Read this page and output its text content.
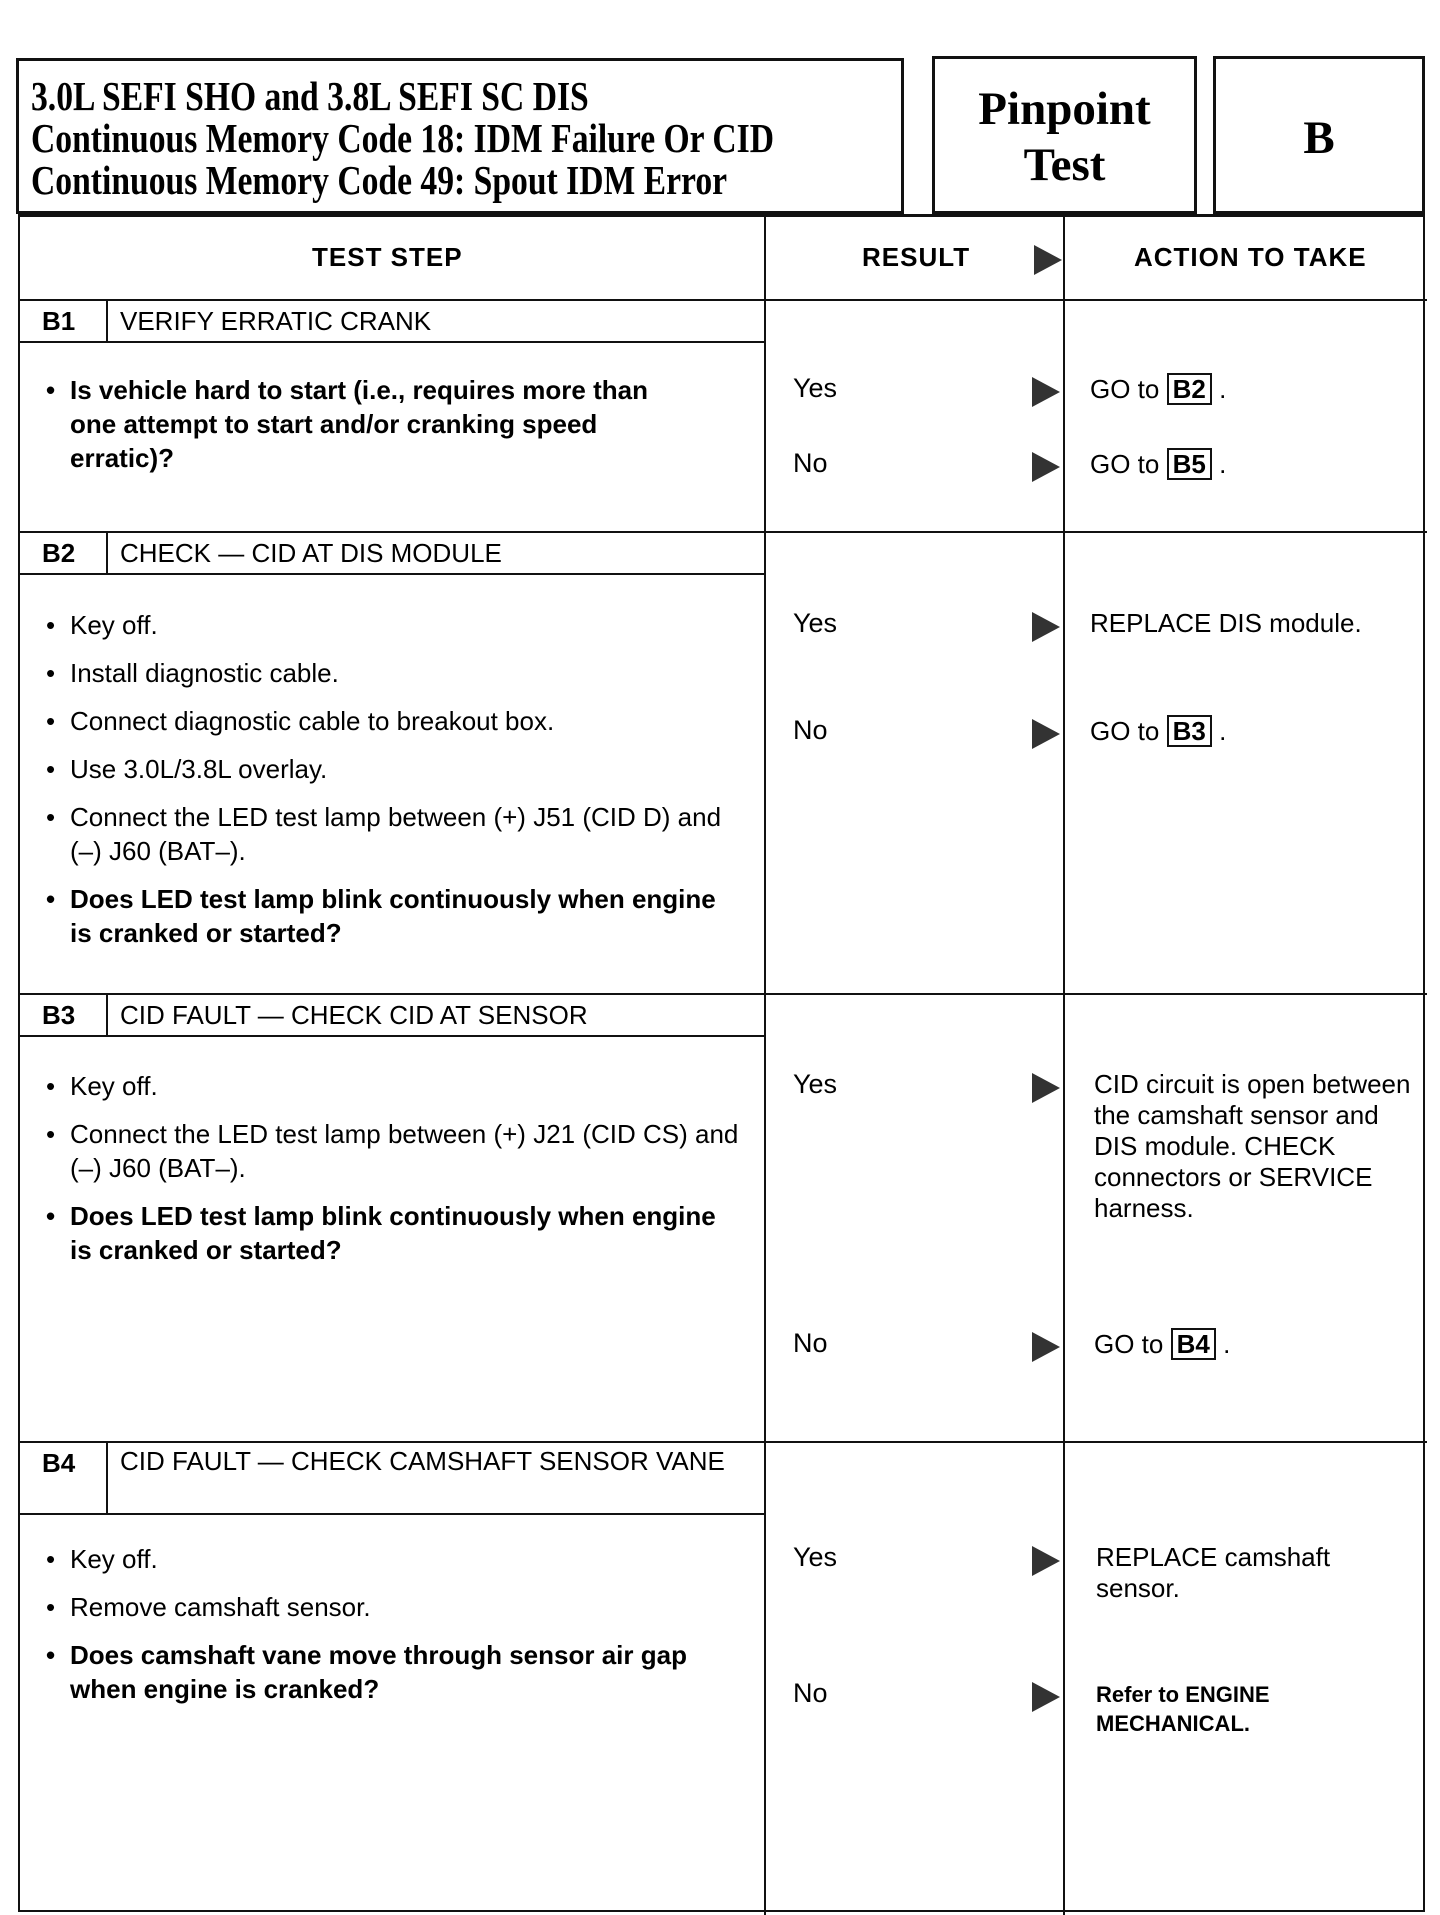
3.0L SEFI SHO and 3.8L SEFI SC DIS
Continuous Memory Code 18: IDM Failure Or CID
Continuous Memory Code 49: Spout IDM Error
Pinpoint
Test
B
TEST STEP	RESULT	ACTION TO TAKE
B1 VERIFY ERRATIC CRANK
• Is vehicle hard to start (i.e., requires more than one attempt to start and/or cranking speed erratic)?
Yes	GO to B2 .
No	GO to B5 .
B2 CHECK — CID AT DIS MODULE
• Key off.
• Install diagnostic cable.
• Connect diagnostic cable to breakout box.
• Use 3.0L/3.8L overlay.
• Connect the LED test lamp between (+) J51 (CID D) and (–) J60 (BAT–).
• Does LED test lamp blink continuously when engine is cranked or started?
Yes	REPLACE DIS module.
No	GO to B3 .
B3 CID FAULT — CHECK CID AT SENSOR
• Key off.
• Connect the LED test lamp between (+) J21 (CID CS) and (–) J60 (BAT–).
• Does LED test lamp blink continuously when engine is cranked or started?
Yes	CID circuit is open between the camshaft sensor and DIS module. CHECK connectors or SERVICE harness.
No	GO to B4 .
B4 CID FAULT — CHECK CAMSHAFT SENSOR VANE
• Key off.
• Remove camshaft sensor.
• Does camshaft vane move through sensor air gap when engine is cranked?
Yes	REPLACE camshaft sensor.
No	Refer to ENGINE MECHANICAL.
